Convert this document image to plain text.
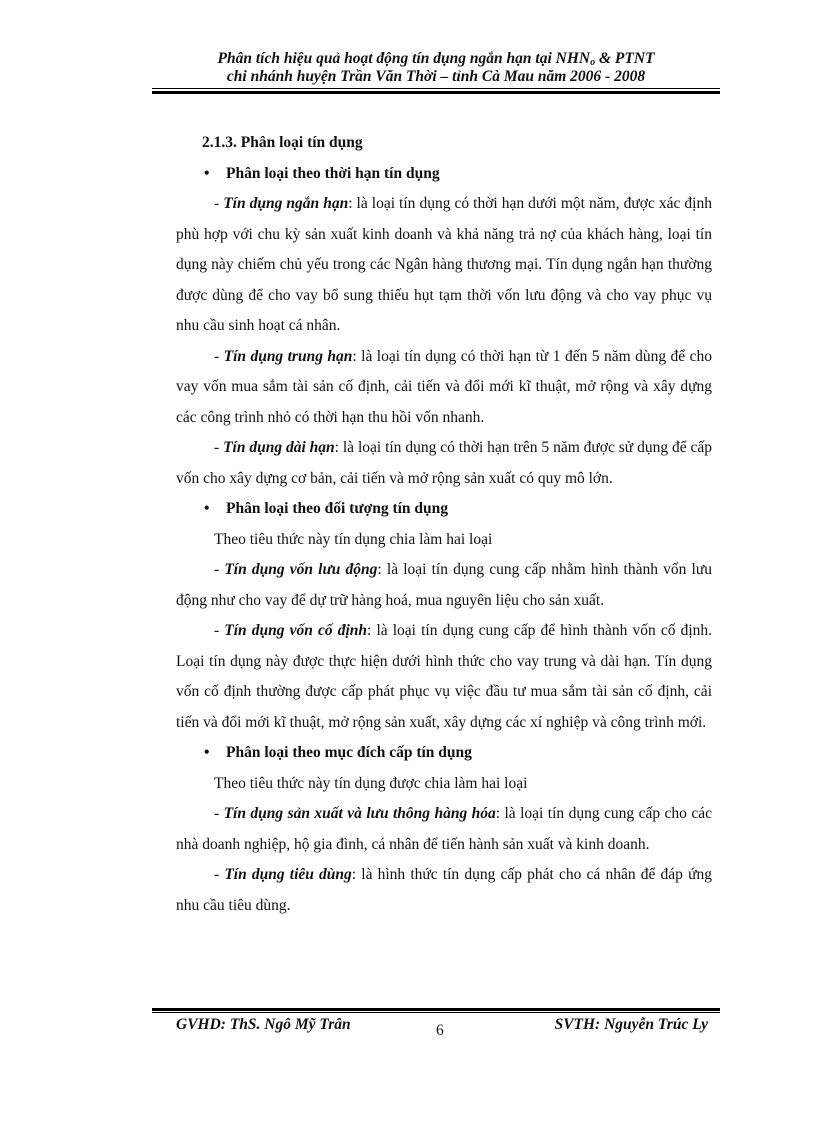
Phân tích hiệu quả hoạt động tín dụng ngắn hạn tại $NHN_o$ & PTNT
chi nhánh huyện Trần Văn Thời – tỉnh Cà Mau năm 2006 - 2008

2.1.3. Phân loại tín dụng

• Phân loại theo thời hạn tín dụng

- Tín dụng ngắn hạn: là loại tín dụng có thời hạn dưới một năm, được xác định phù hợp với chu kỳ sản xuất kinh doanh và khả năng trả nợ của khách hàng, loại tín dụng này chiếm chủ yếu trong các Ngân hàng thương mại. Tín dụng ngắn hạn thường được dùng để cho vay bổ sung thiếu hụt tạm thời vốn lưu động và cho vay phục vụ nhu cầu sinh hoạt cá nhân.

- Tín dụng trung hạn: là loại tín dụng có thời hạn từ 1 đến 5 năm dùng để cho vay vốn mua sắm tài sản cố định, cải tiến và đổi mới kĩ thuật, mở rộng và xây dựng các công trình nhỏ có thời hạn thu hồi vốn nhanh.

- Tín dụng dài hạn: là loại tín dụng có thời hạn trên 5 năm được sử dụng để cấp vốn cho xây dựng cơ bản, cải tiến và mở rộng sản xuất có quy mô lớn.

• Phân loại theo đối tượng tín dụng

Theo tiêu thức này tín dụng chia làm hai loại

- Tín dụng vốn lưu động: là loại tín dụng cung cấp nhằm hình thành vốn lưu động như cho vay để dự trữ hàng hoá, mua nguyên liệu cho sản xuất.

- Tín dụng vốn cố định: là loại tín dụng cung cấp để hình thành vốn cố định. Loại tín dụng này được thực hiện dưới hình thức cho vay trung và dài hạn. Tín dụng vốn cố định thường được cấp phát phục vụ việc đầu tư mua sắm tài sản cố định, cải tiến và đổi mới kĩ thuật, mở rộng sản xuất, xây dựng các xí nghiệp và công trình mới.

• Phân loại theo mục đích cấp tín dụng

Theo tiêu thức này tín dụng được chia làm hai loại

- Tín dụng sản xuất và lưu thông hàng hóa: là loại tín dụng cung cấp cho các nhà doanh nghiệp, hộ gia đình, cá nhân để tiến hành sản xuất và kinh doanh.

- Tín dụng tiêu dùng: là hình thức tín dụng cấp phát cho cá nhân để đáp ứng nhu cầu tiêu dùng.

GVHD: ThS. Ngô Mỹ Trân	6	SVTH: Nguyễn Trúc Ly
